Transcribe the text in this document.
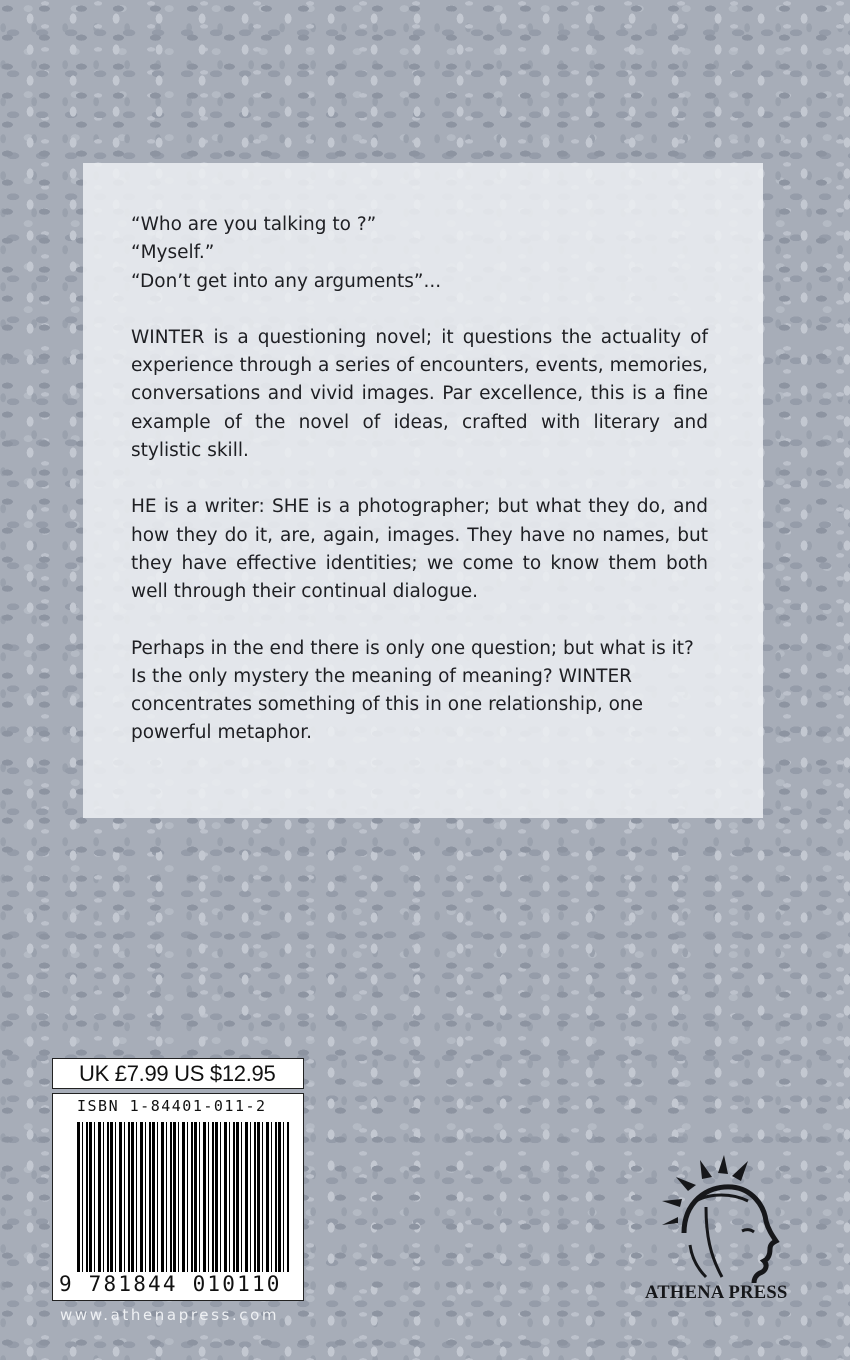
“Who are you talking to ?”

“Myself.”

“Don’t get into any arguments”...

WINTER is a questioning novel; it questions the actuality of experience through a series of encounters, events, memories, conversations and vivid images. Par excellence, this is a fine example of the novel of ideas, crafted with literary and stylistic skill.

HE is a writer: SHE is a photographer; but what they do, and how they do it, are, again, images. They have no names, but they have effective identities; we come to know them both well through their continual dialogue.

Perhaps in the end there is only one question; but what is it? Is the only mystery the meaning of meaning? WINTER concentrates something of this in one relationship, one powerful metaphor.

UK £7.99 US $12.95
ISBN 1-84401-011-2
9 781844 010110
www.athenapress.com
ATHENA PRESS
